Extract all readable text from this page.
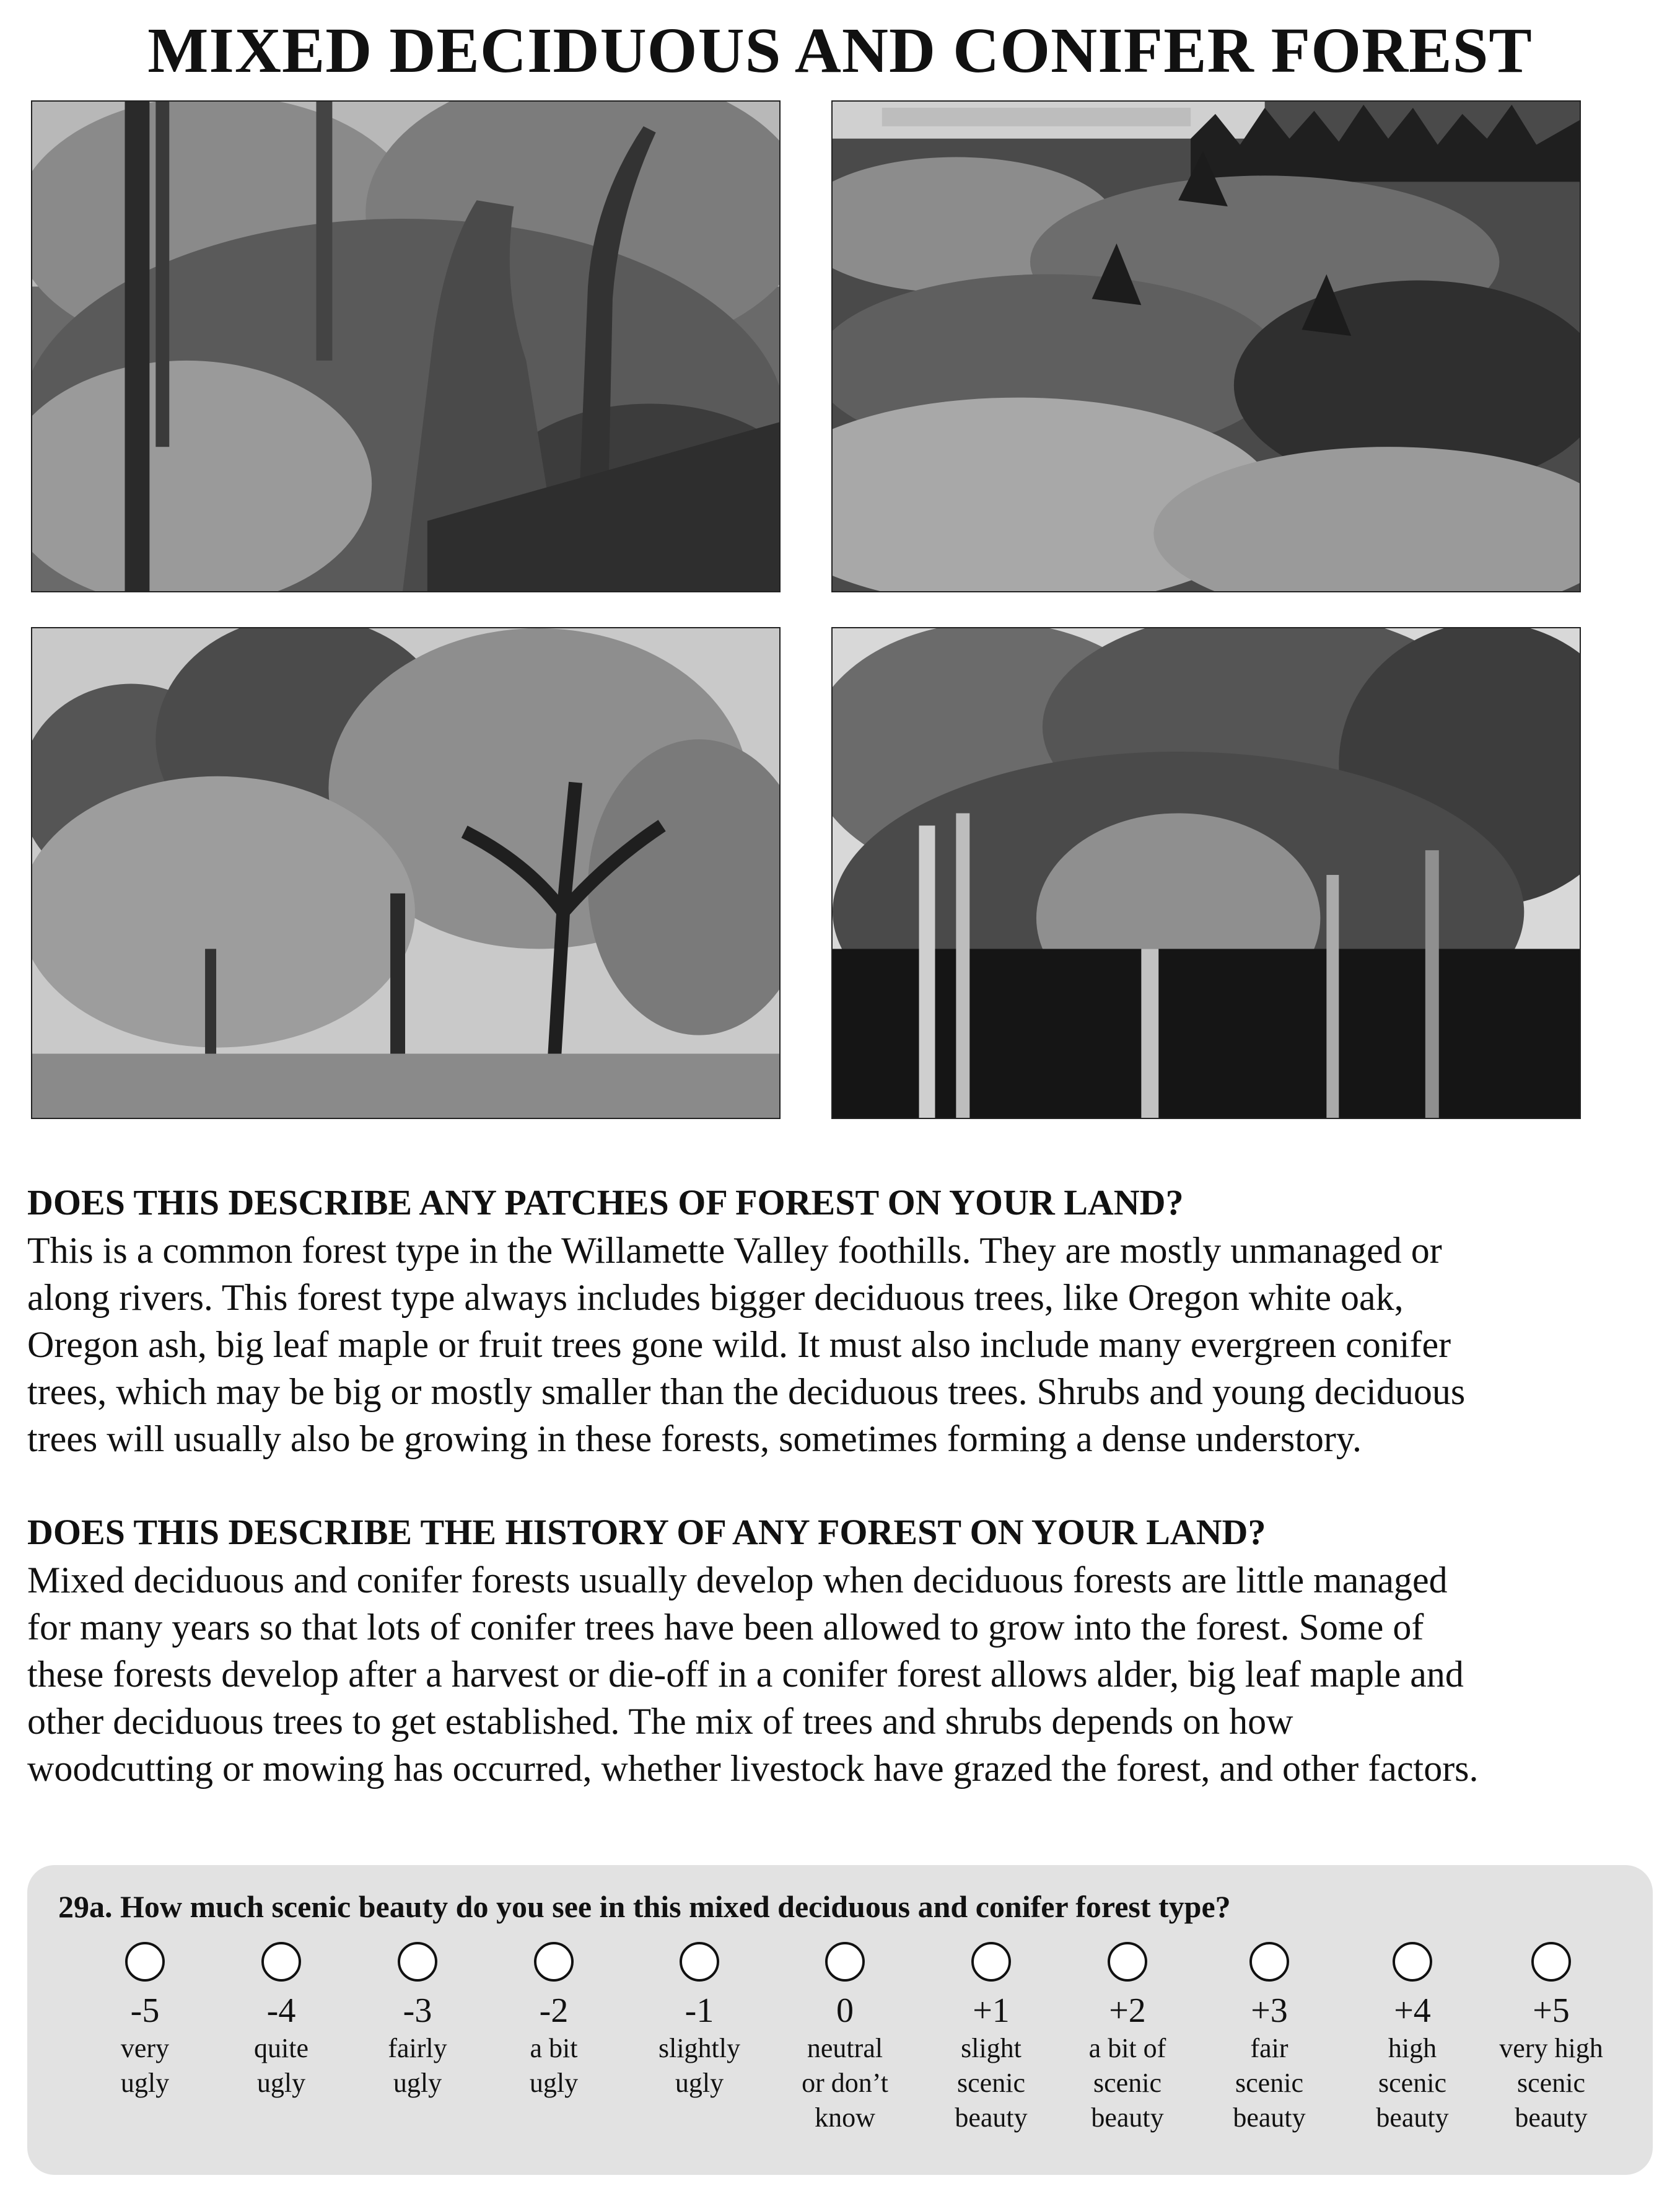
MIXED DECIDUOUS AND CONIFER FOREST
DOES THIS DESCRIBE ANY PATCHES OF FOREST ON YOUR LAND?
This is a common forest type in the Willamette Valley foothills. They are mostly unmanaged or
along rivers. This forest type always includes bigger deciduous trees, like Oregon white oak,
Oregon ash, big leaf maple or fruit trees gone wild. It must also include many evergreen conifer
trees, which may be big or mostly smaller than the deciduous trees. Shrubs and young deciduous
trees will usually also be growing in these forests, sometimes forming a dense understory.
DOES THIS DESCRIBE THE HISTORY OF ANY FOREST ON YOUR LAND?
Mixed deciduous and conifer forests usually develop when deciduous forests are little managed
for many years so that lots of conifer trees have been allowed to grow into the forest. Some of
these forests develop after a harvest or die-off in a conifer forest allows alder, big leaf maple and
other deciduous trees to get established. The mix of trees and shrubs depends on how
woodcutting or mowing has occurred, whether livestock have grazed the forest, and other factors.
29a. How much scenic beauty do you see in this mixed deciduous and conifer forest type?
-5
very
ugly
-4
quite
ugly
-3
fairly
ugly
-2
a bit
ugly
-1
slightly
ugly
0
neutral
or don’t
know
+1
slight
scenic
beauty
+2
a bit of
scenic
beauty
+3
fair
scenic
beauty
+4
high
scenic
beauty
+5
very high
scenic
beauty
